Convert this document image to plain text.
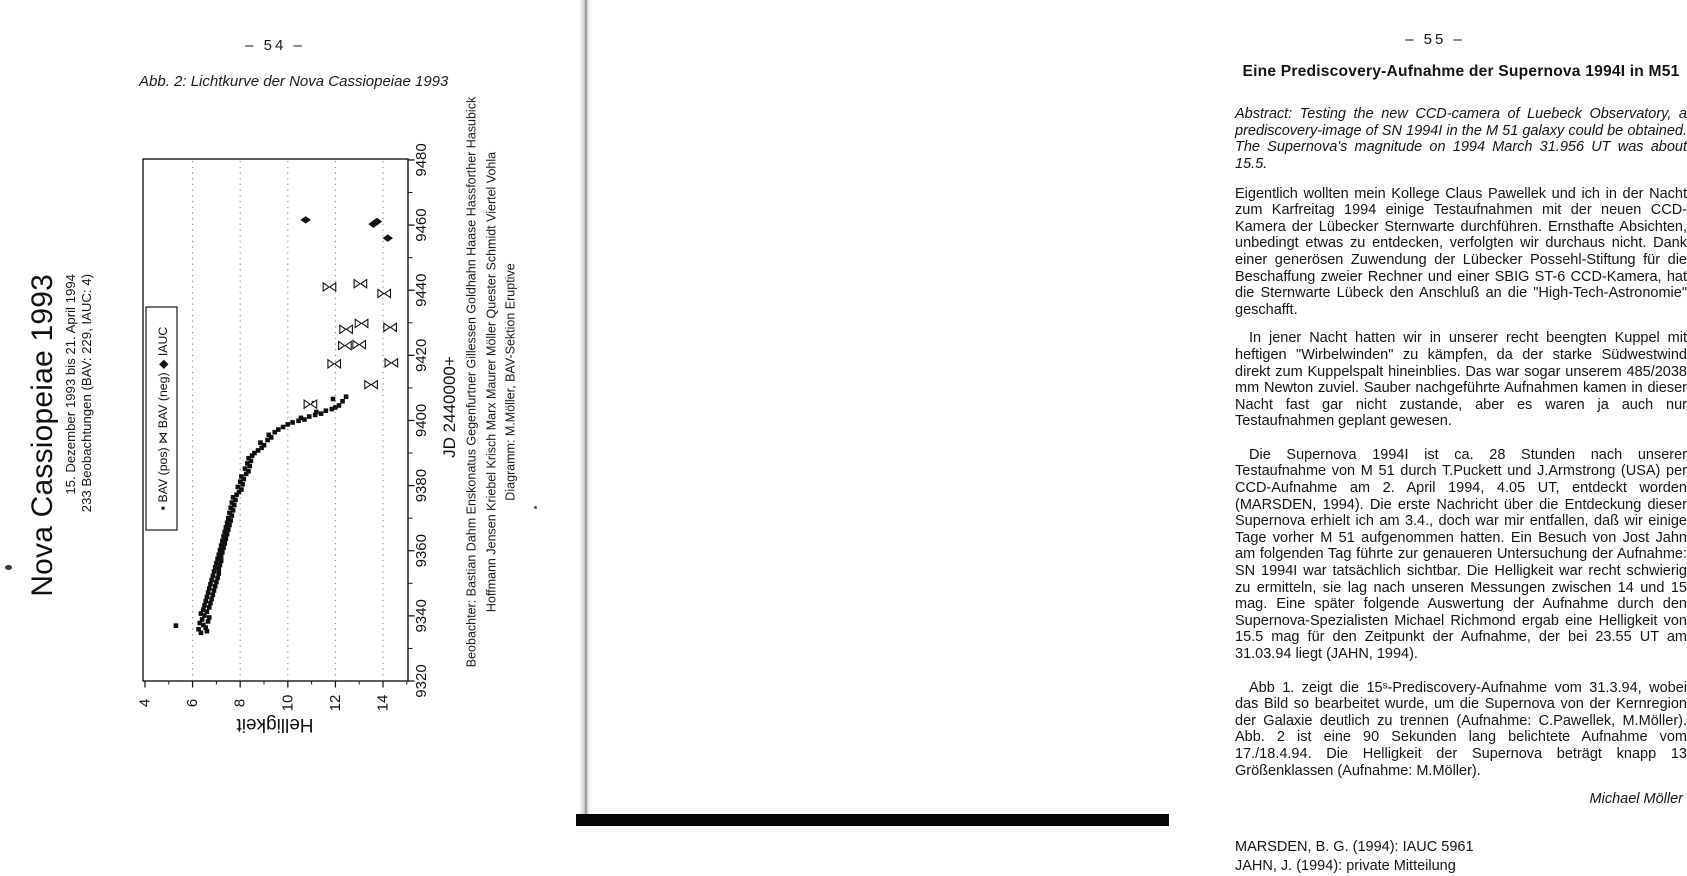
– 54 –
Abb. 2: Lichtkurve der Nova Cassiopeiae 1993
Nova Cassiopeiae 1993 15. Dezember 1993 bis 21. April 1994 233 Beobachtungen (BAV: 229, IAUC: 4)
4 6 8 10 12 14
9320
9340
9360
9380
9400
9420
9440
9460
9480
JD 2440000+
Helligkeit
▪ BAV (pos) ⋈ BAV (neg) ◆ IAUC	Beobachter: Bastian Dahm Enskonatus Gegenfurtner Gillessen Goldhahn Haase Hassforther Hasubick Hoffmann Jensen Kriebel Krisch Marx Maurer Möller Quester Schmidt Viertel Vohla Diagramm: M.Möller, BAV-Sektion Eruptive
– 55 –
Eine Prediscovery-Aufnahme der Supernova 1994I in M51

Abstract: Testing the new CCD-camera of Luebeck Observatory, a prediscovery-image of SN 1994I in the M 51 galaxy could be obtained. The Supernova's magnitude on 1994 March 31.956 UT was about 15.5.

Eigentlich wollten mein Kollege Claus Pawellek und ich in der Nacht zum Karfreitag 1994 einige Testaufnahmen mit der neuen CCD-Kamera der Lübecker Sternwarte durchführen. Ernsthafte Absichten, unbedingt etwas zu entdecken, verfolgten wir durchaus nicht. Dank einer generösen Zuwendung der Lübecker Possehl-Stiftung für die Beschaffung zweier Rechner und einer SBIG ST-6 CCD-Kamera, hat die Sternwarte Lübeck den Anschluß an die "High-Tech-Astronomie" geschafft.

In jener Nacht hatten wir in unserer recht beengten Kuppel mit heftigen "Wirbelwinden" zu kämpfen, da der starke Südwestwind direkt zum Kuppelspalt hineinblies. Das war sogar unserem 485/2038 mm Newton zuviel. Sauber nachgeführte Aufnahmen kamen in dieser Nacht fast gar nicht zustande, aber es waren ja auch nur Testaufnahmen geplant gewesen.

Die Supernova 1994I ist ca. 28 Stunden nach unserer Testaufnahme von M 51 durch T.Puckett und J.Armstrong (USA) per CCD-Aufnahme am 2. April 1994, 4.05 UT, entdeckt worden (MARSDEN, 1994). Die erste Nachricht über die Entdeckung dieser Supernova erhielt ich am 3.4., doch war mir entfallen, daß wir einige Tage vorher M 51 aufgenommen hatten. Ein Besuch von Jost Jahn am folgenden Tag führte zur genaueren Untersuchung der Aufnahme: SN 1994I war tatsächlich sichtbar. Die Helligkeit war recht schwierig zu ermitteln, sie lag nach unseren Messungen zwischen 14 und 15 mag. Eine später folgende Auswertung der Aufnahme durch den Supernova-Spezialisten Michael Richmond ergab eine Helligkeit von 15.5 mag für den Zeitpunkt der Aufnahme, der bei 23.55 UT am 31.03.94 liegt (JAHN, 1994).

Abb 1. zeigt die 15ˢ-Prediscovery-Aufnahme vom 31.3.94, wobei das Bild so bearbeitet wurde, um die Supernova von der Kernregion der Galaxie deutlich zu trennen (Aufnahme: C.Pawellek, M.Möller). Abb. 2 ist eine 90 Sekunden lang belichtete Aufnahme vom 17./18.4.94. Die Helligkeit der Supernova beträgt knapp 13 Größenklassen (Aufnahme: M.Möller).

Michael Möller
MARSDEN, B. G. (1994): IAUC 5961
JAHN, J. (1994): private Mitteilung
